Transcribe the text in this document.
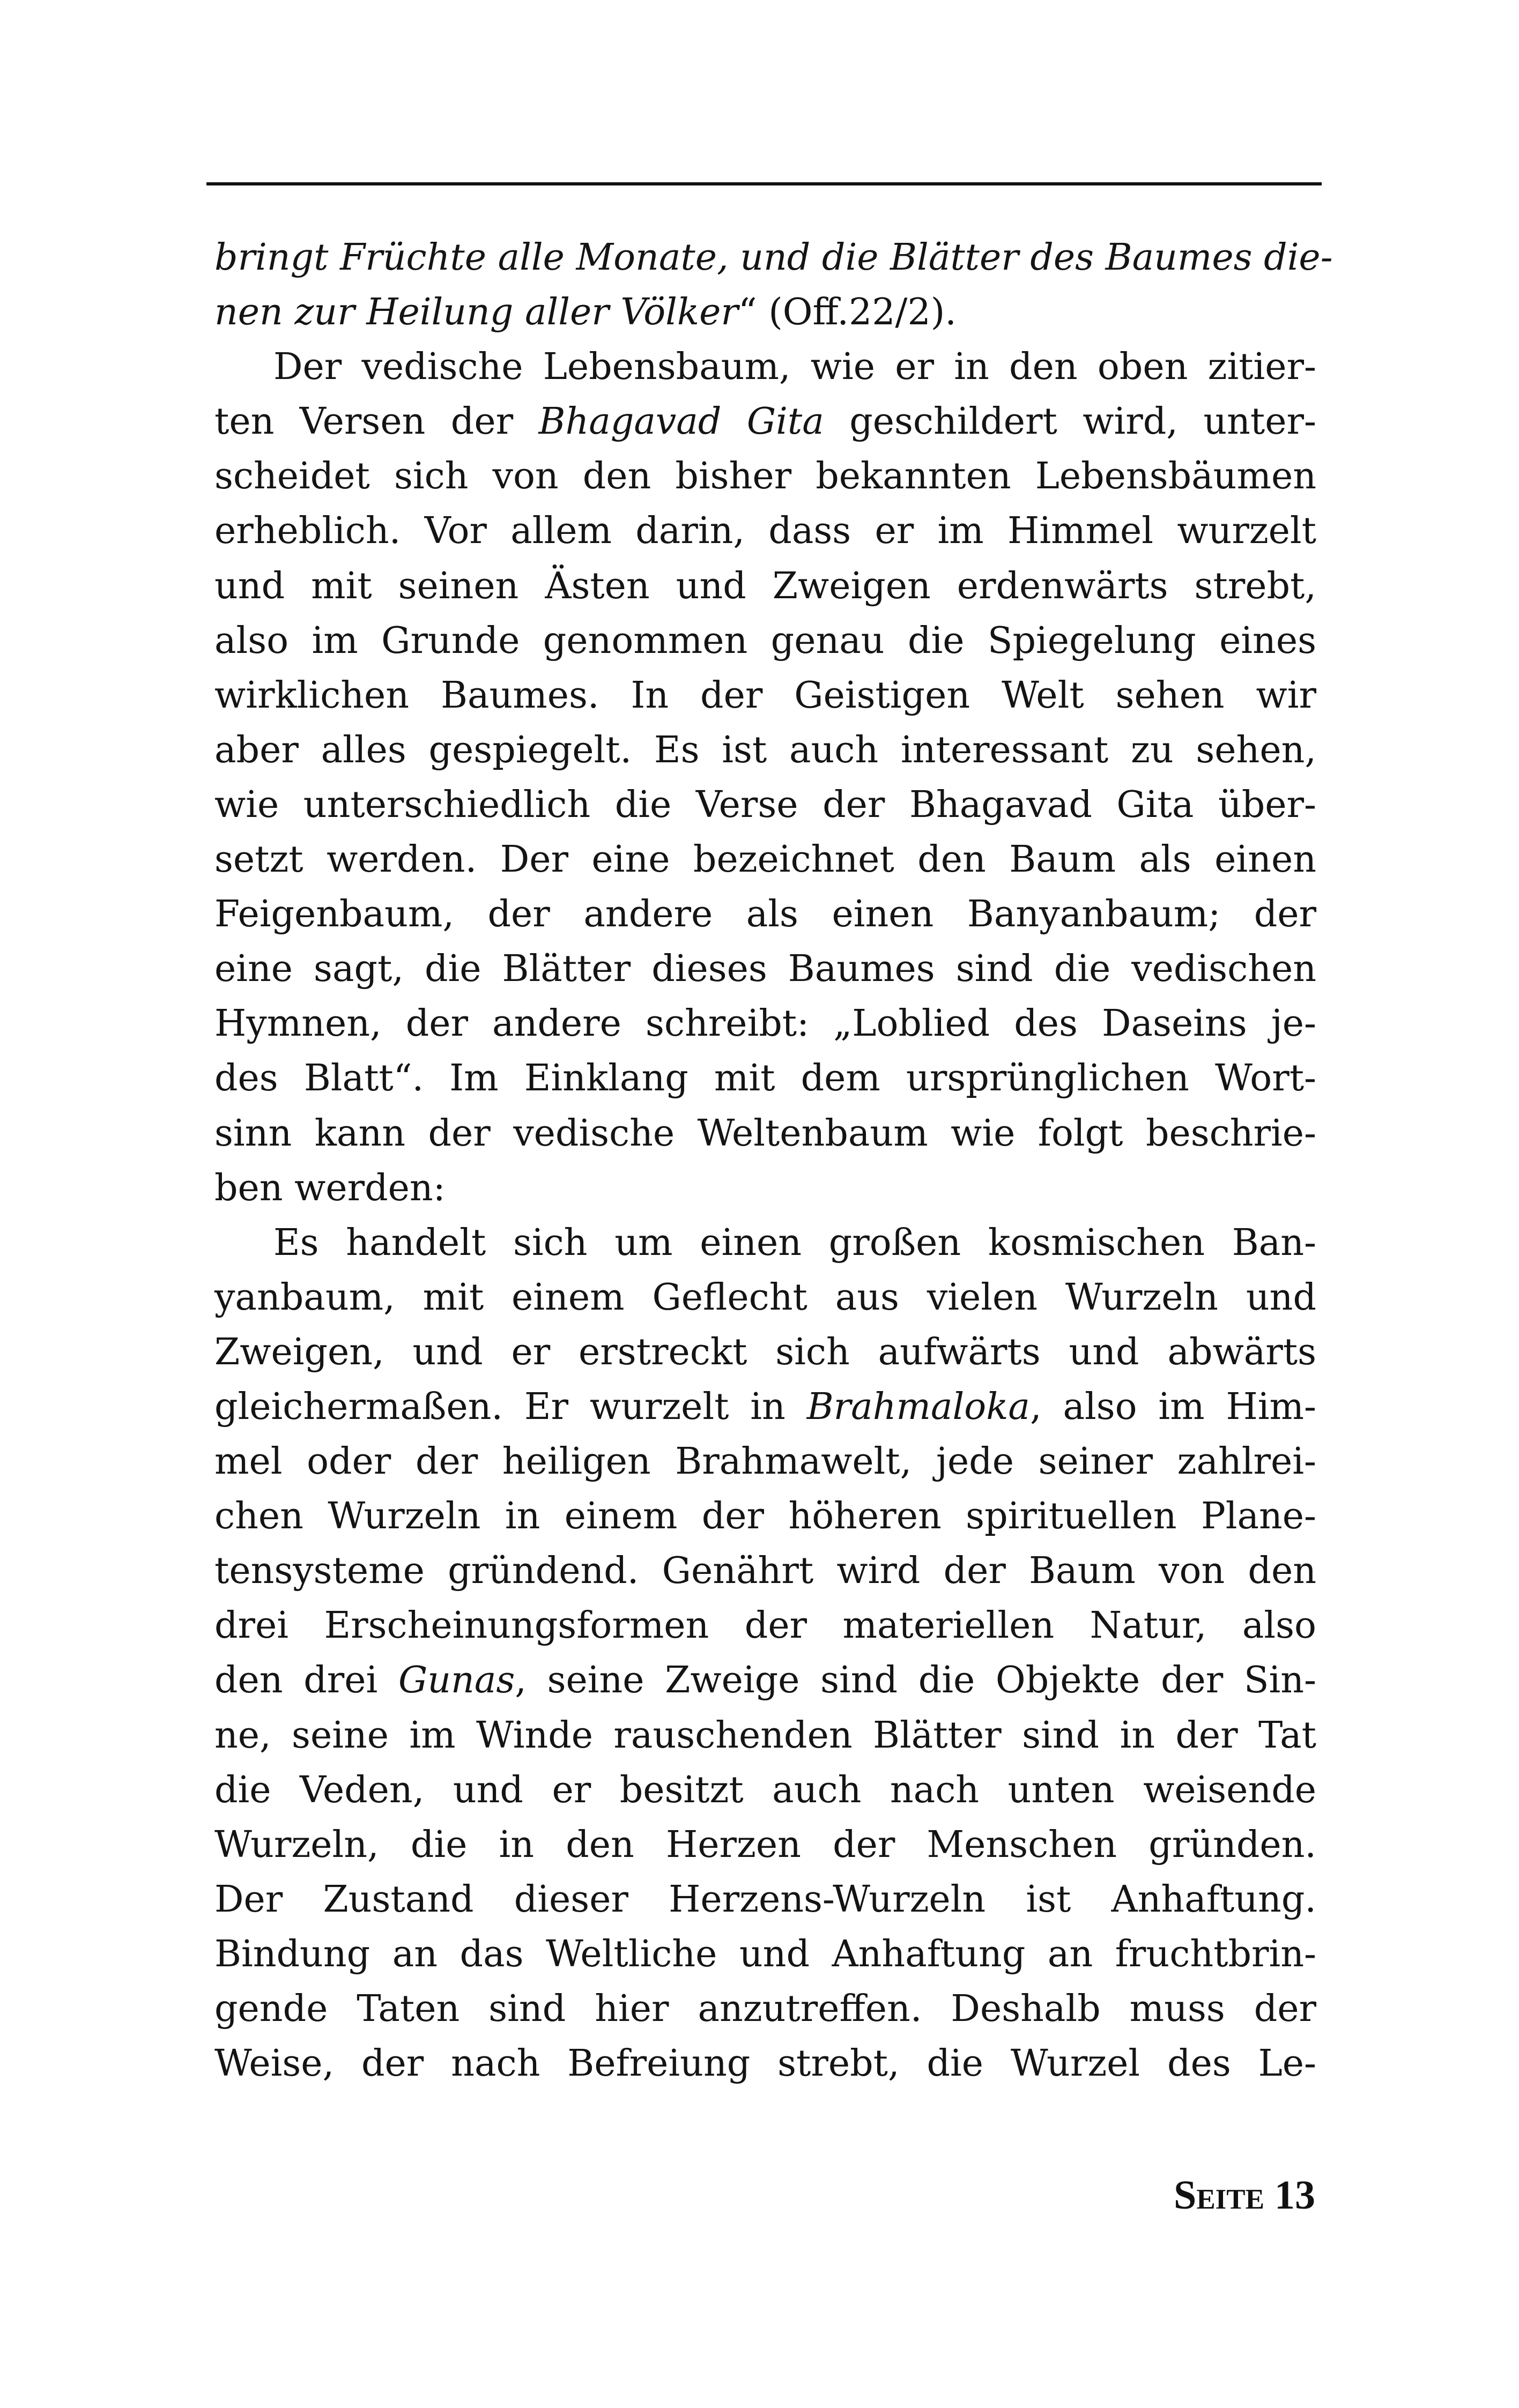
bringt Früchte alle Monate, und die Blätter des Baumes die-
nen zur Heilung aller Völker“ (Off.22/2).
Der vedische Lebensbaum, wie er in den oben zitier-
ten Versen der Bhagavad Gita geschildert wird, unter-
scheidet sich von den bisher bekannten Lebensbäumen
erheblich. Vor allem darin, dass er im Himmel wurzelt
und mit seinen Ästen und Zweigen erdenwärts strebt,
also im Grunde genommen genau die Spiegelung eines
wirklichen Baumes. In der Geistigen Welt sehen wir
aber alles gespiegelt. Es ist auch interessant zu sehen,
wie unterschiedlich die Verse der Bhagavad Gita über-
setzt werden. Der eine bezeichnet den Baum als einen
Feigenbaum, der andere als einen Banyanbaum; der
eine sagt, die Blätter dieses Baumes sind die vedischen
Hymnen, der andere schreibt: „Loblied des Daseins je-
des Blatt“. Im Einklang mit dem ursprünglichen Wort-
sinn kann der vedische Weltenbaum wie folgt beschrie-
ben werden:
Es handelt sich um einen großen kosmischen Ban-
yanbaum, mit einem Geflecht aus vielen Wurzeln und
Zweigen, und er erstreckt sich aufwärts und abwärts
gleichermaßen. Er wurzelt in Brahmaloka, also im Him-
mel oder der heiligen Brahmawelt, jede seiner zahlrei-
chen Wurzeln in einem der höheren spirituellen Plane-
tensysteme gründend. Genährt wird der Baum von den
drei Erscheinungsformen der materiellen Natur, also
den drei Gunas, seine Zweige sind die Objekte der Sin-
ne, seine im Winde rauschenden Blätter sind in der Tat
die Veden, und er besitzt auch nach unten weisende
Wurzeln, die in den Herzen der Menschen gründen.
Der Zustand dieser Herzens-Wurzeln ist Anhaftung.
Bindung an das Weltliche und Anhaftung an fruchtbrin-
gende Taten sind hier anzutreffen. Deshalb muss der
Weise, der nach Befreiung strebt, die Wurzel des Le-
Seite 13
